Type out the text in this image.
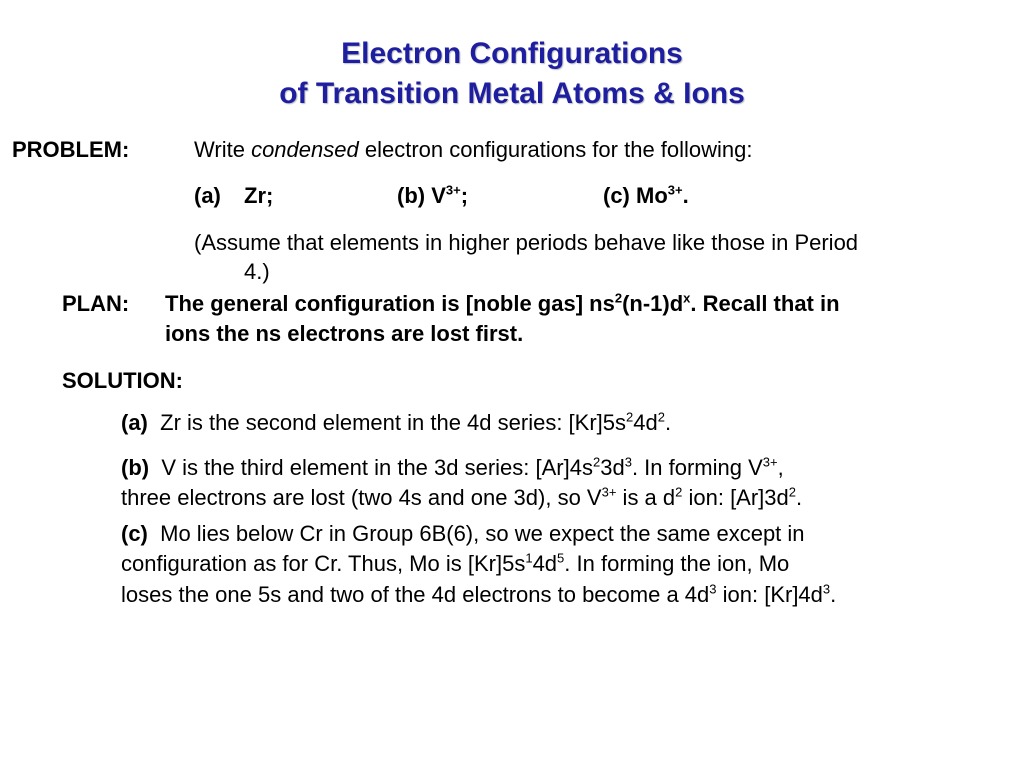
Electron Configurations
of Transition Metal Atoms & Ions
PROBLEM:	Write condensed electron configurations for the following:
(a) Zr;	(b) $V^{3+}$;	(c) $Mo^{3+}$.
(Assume that elements in higher periods behave like those in Period
4.)
PLAN: The general configuration is [noble gas] $ns^2(n-1)d^x$. Recall that in
ions the ns electrons are lost first.
SOLUTION:
(a) Zr is the second element in the 4d series: $[Kr]5s^24d^2$.
(b) V is the third element in the 3d series: $[Ar]4s^23d^3$. In forming $V^{3+}$,
three electrons are lost (two 4s and one 3d), so $V^{3+}$ is a $d^2$ ion: $[Ar]3d^2$.
(c) Mo lies below Cr in Group 6B(6), so we expect the same except in
configuration as for Cr. Thus, Mo is $[Kr]5s^14d^5$. In forming the ion, Mo
loses the one 5s and two of the 4d electrons to become a $4d^3$ ion: $[Kr]4d^3$.
